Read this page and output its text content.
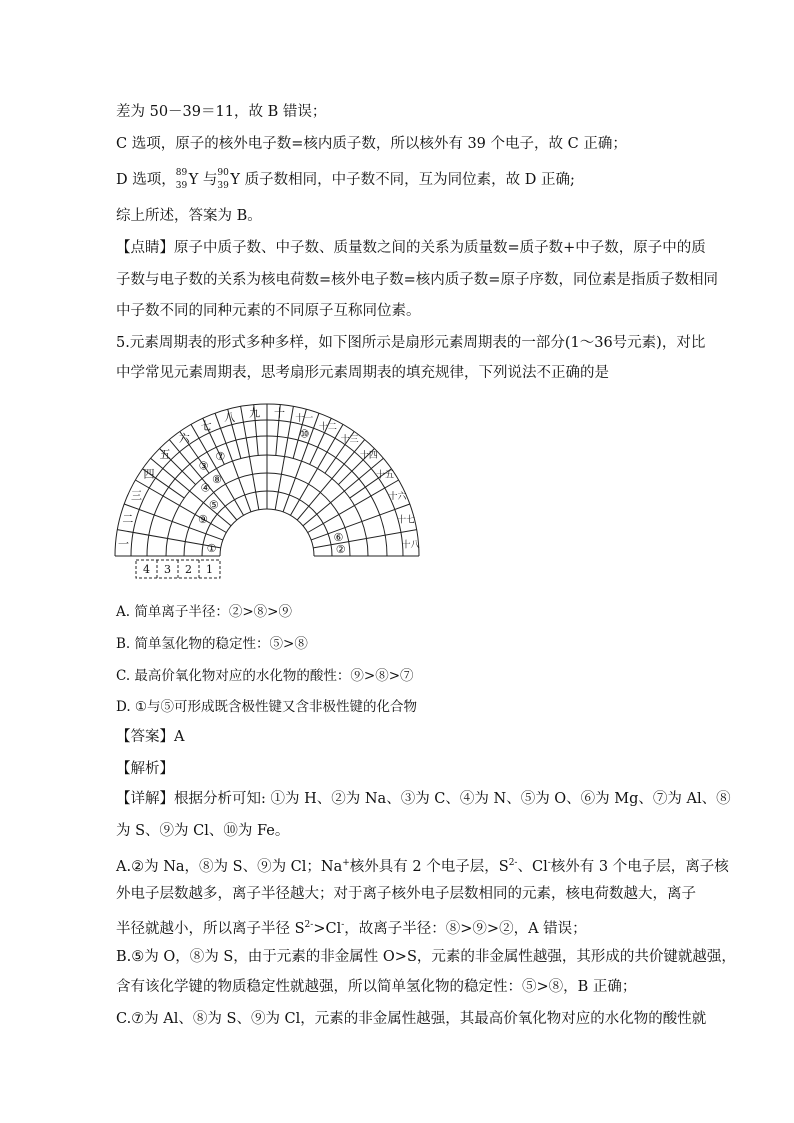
差为 50－39＝11，故 B 错误；
C 选项，原子的核外电子数=核内质子数，所以核外有 39 个电子，故 C 正确；
D 选项， 89
39 Y 与 90
39 Y 质子数相同，中子数不同，互为同位素，故 D 正确;
综上所述，答案为 B。
【点睛】原子中质子数、中子数、质量数之间的关系为质量数=质子数+中子数，原子中的质
子数与电子数的关系为核电荷数=核外电子数=核内质子数=原子序数，同位素是指质子数相同
中子数不同的同种元素的不同原子互称同位素。
5.元素周期表的形式多种多样，如下图所示是扇形元素周期表的一部分(1～36号元素)，对比
中学常见元素周期表，思考扇形元素周期表的填充规律，下列说法不正确的是
一
二
三
四
五
六
七
八 九 十 十一
十二
十三
十四
十五
十六
十七
十八
①	②
③
④
⑤
⑥
⑦
⑧
⑨
⑩
4 3 2 1
A. 简单离子半径：②>⑧>⑨
B. 简单氢化物的稳定性：⑤>⑧
C. 最高价氧化物对应的水化物的酸性：⑨>⑧>⑦
D. ①与⑤可形成既含极性键又含非极性键的化合物
【答案】A
【解析】
【详解】根据分析可知: ①为 H、②为 Na、③为 C、④为 N、⑤为 O、⑥为 Mg、⑦为 Al、⑧
为 S、⑨为 Cl、⑩为 Fe。
A.②为 Na，⑧为 S、⑨为 Cl；Na+核外具有 2 个电子层，$S^{2-}$、Cl-核外有 3 个电子层，离子核
外电子层数越多，离子半径越大；对于离子核外电子层数相同的元素，核电荷数越大，离子
半径就越小，所以离子半径 $S^{2-}>Cl^-$，故离子半径：⑧>⑨>②，A 错误；
B.⑤为 O，⑧为 S，由于元素的非金属性 O>S，元素的非金属性越强，其形成的共价键就越强，
含有该化学键的物质稳定性就越强，所以简单氢化物的稳定性：⑤>⑧，B 正确；
C.⑦为 Al、⑧为 S、⑨为 Cl，元素的非金属性越强，其最高价氧化物对应的水化物的酸性就
